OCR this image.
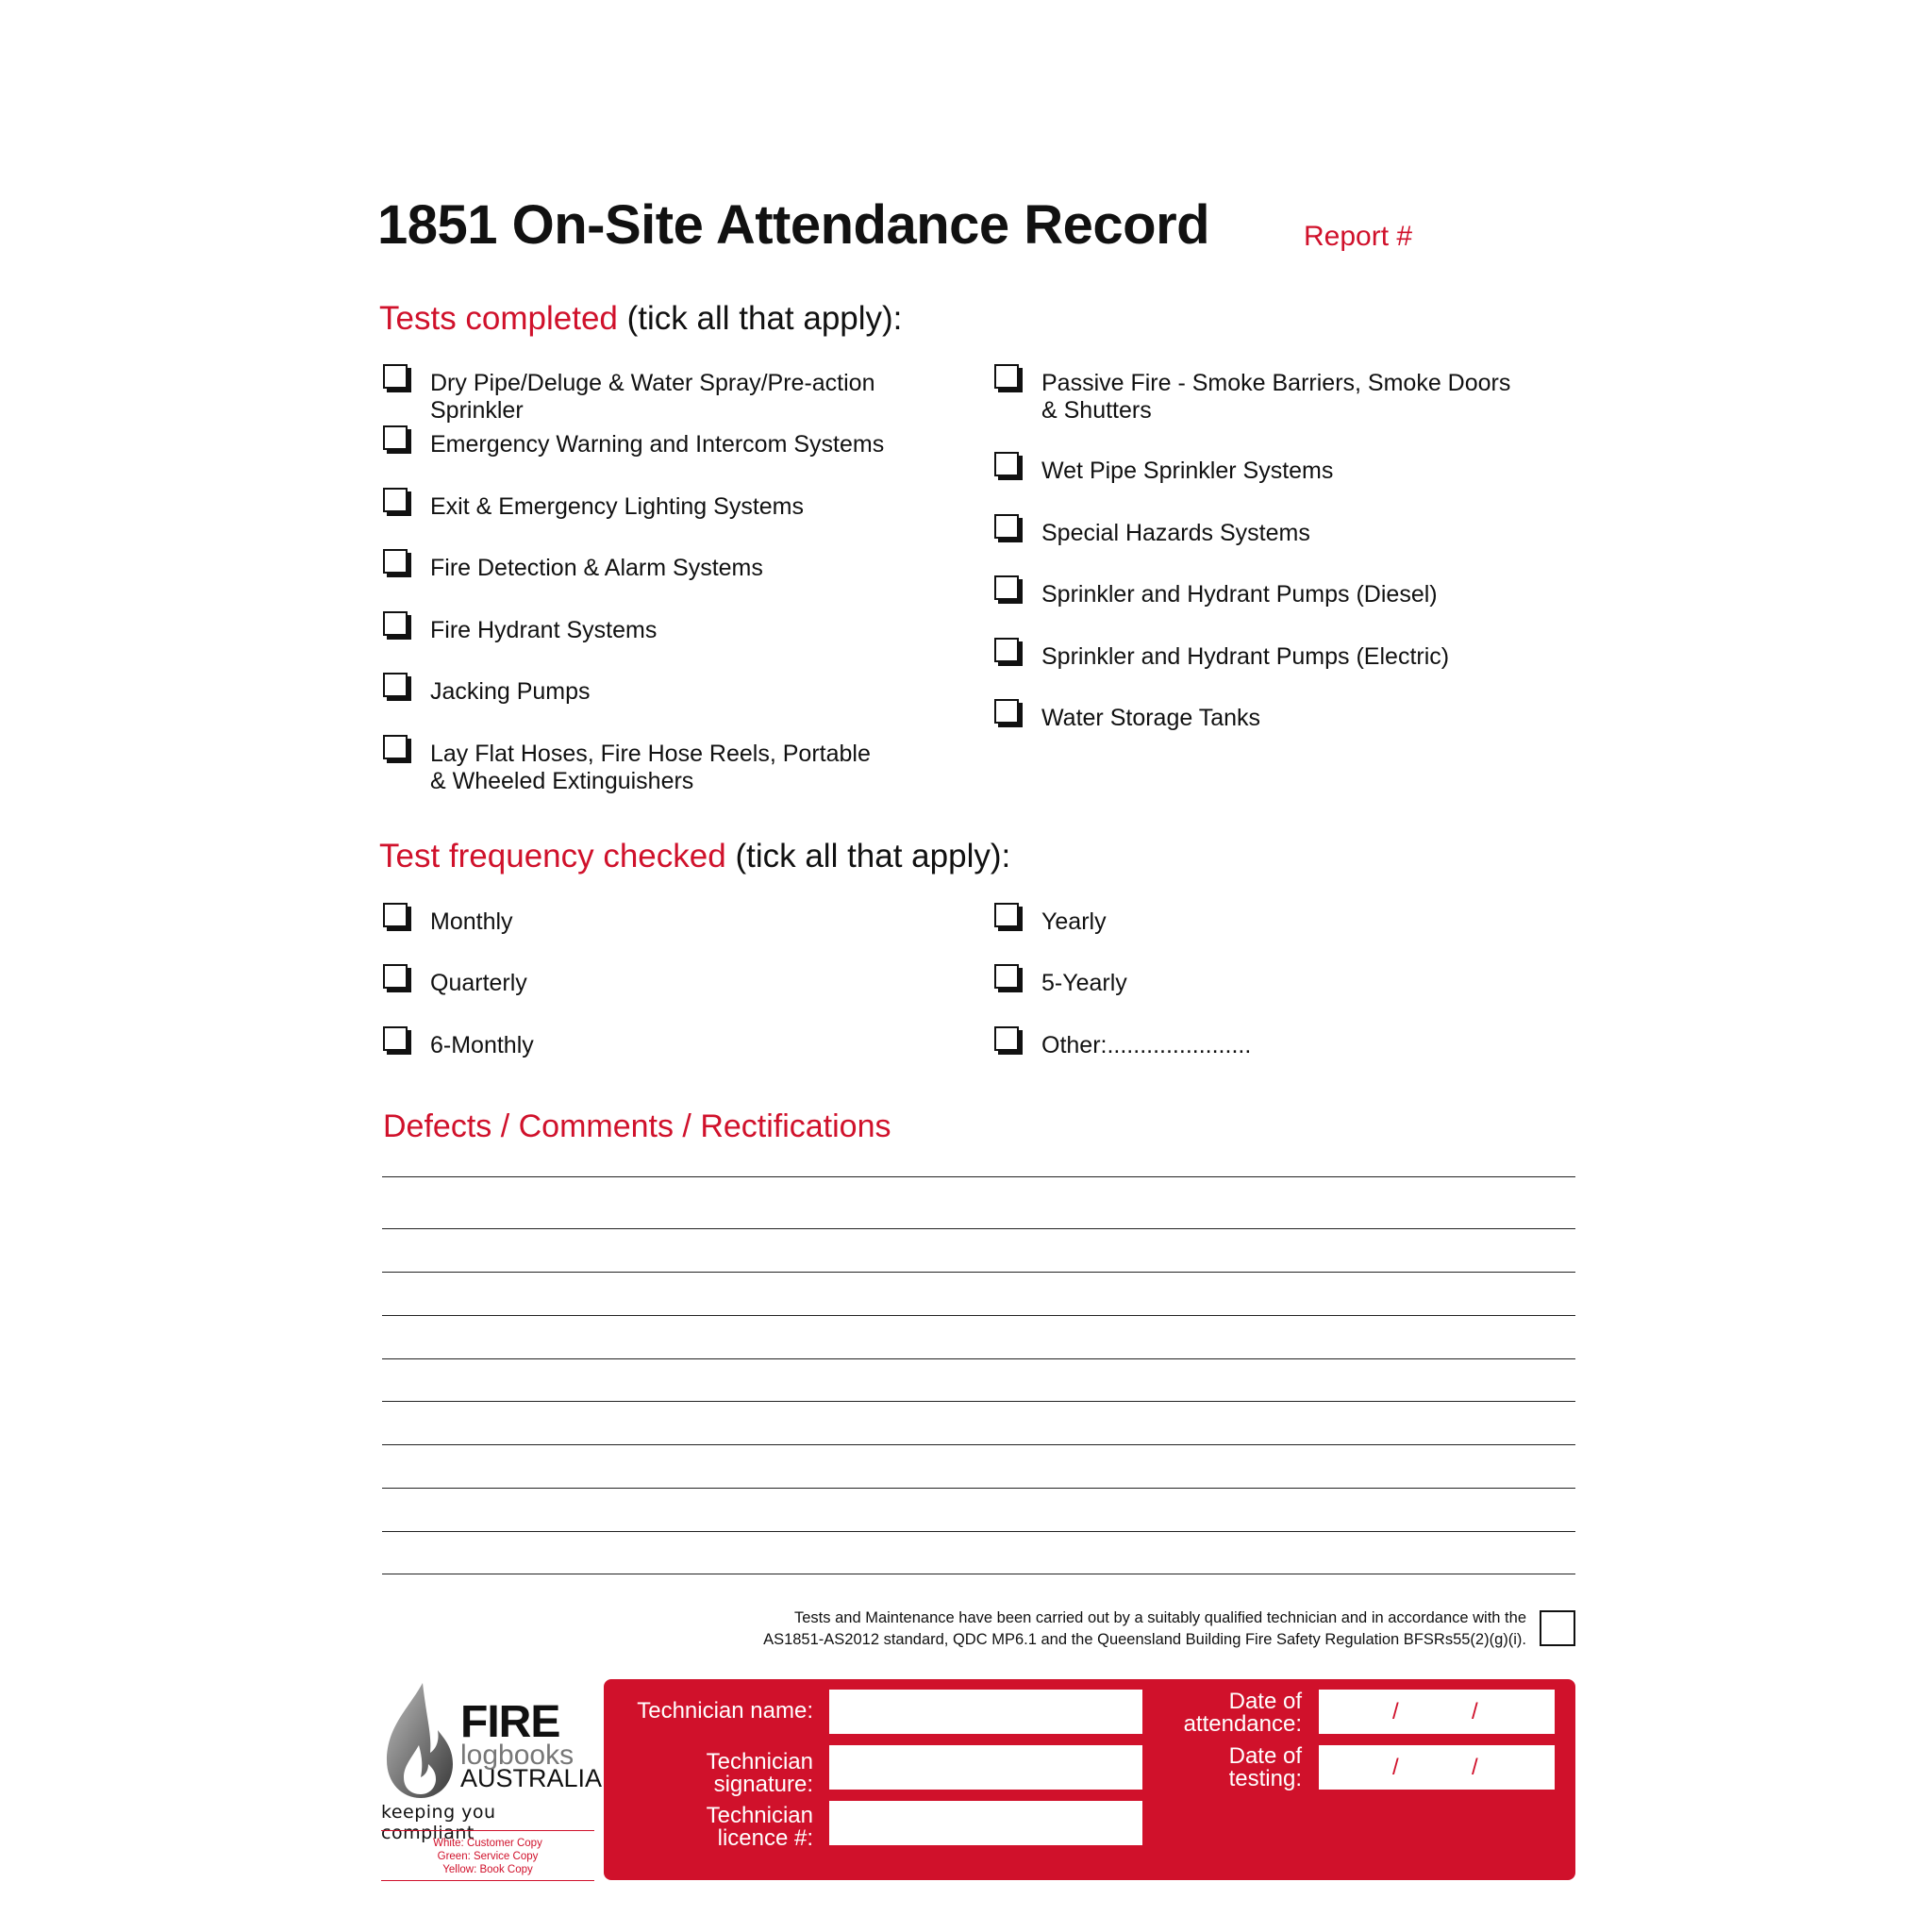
1851 On-Site Attendance Record	Report #
Tests completed (tick all that apply):
Dry Pipe/Deluge & Water Spray/Pre-action Sprinkler
Emergency Warning and Intercom Systems
Exit & Emergency Lighting Systems
Fire Detection & Alarm Systems
Fire Hydrant Systems
Jacking Pumps
Lay Flat Hoses, Fire Hose Reels, Portable & Wheeled Extinguishers
Passive Fire - Smoke Barriers, Smoke Doors & Shutters
Wet Pipe Sprinkler Systems
Special Hazards Systems
Sprinkler and Hydrant Pumps (Diesel)
Sprinkler and Hydrant Pumps (Electric)
Water Storage Tanks
Test frequency checked (tick all that apply):
Monthly
Quarterly
6-Monthly
Yearly
5-Yearly
Other:......................
Defects / Comments / Rectifications
Tests and Maintenance have been carried out by a suitably qualified technician and in accordance with the
AS1851-AS2012 standard, QDC MP6.1 and the Queensland Building Fire Safety Regulation BFSRs55(2)(g)(i).
FIRE
logbooks
AUSTRALIA
keeping you compliant
White: Customer Copy
Green: Service Copy
Yellow: Book Copy
Technician name:
Technician
signature:
Technician
licence #:
Date of
attendance:	/	/
Date of
testing:	/	/
